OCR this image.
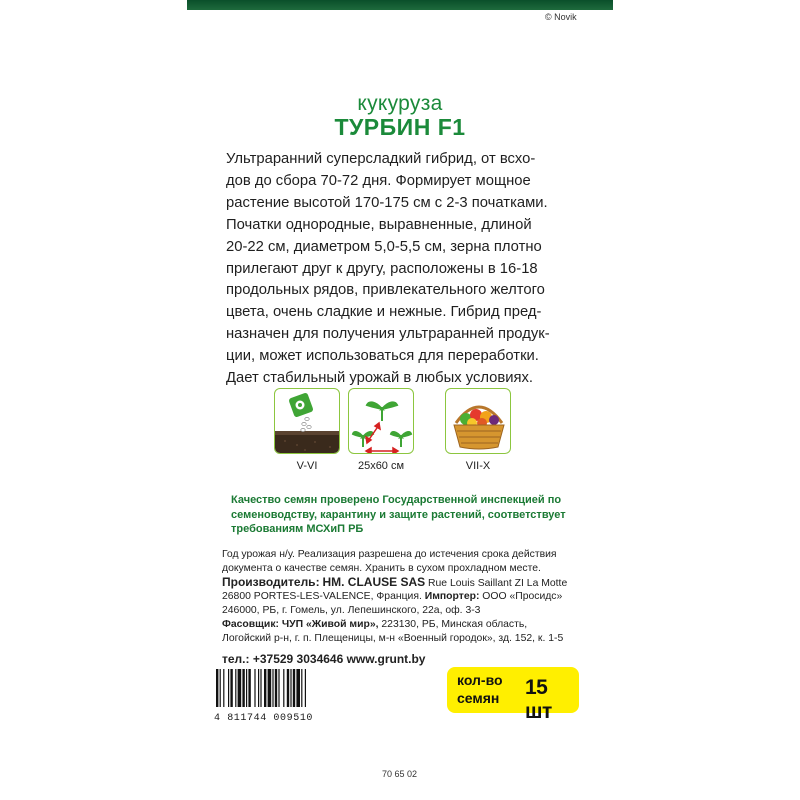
© Novik
кукуруза
ТУРБИН F1
Ультраранний суперсладкий гибрид, от всхо-
дов до сбора 70-72 дня. Формирует мощное
растение высотой 170-175 см с 2-3 початками.
Початки однородные, выравненные, длиной
20-22 см, диаметром 5,0-5,5 см, зерна плотно
прилегают друг к другу, расположены в 16-18
продольных рядов, привлекательного желтого
цвета, очень сладкие и нежные. Гибрид пред-
назначен для получения ультраранней продук-
ции, может использоваться для переработки.
Дает стабильный урожай в любых условиях.
V-VI	25х60 см	VII-X
Качество семян проверено Государственной инспекцией по
семеноводству, карантину и защите растений, соответствует
требованиям МСХиП РБ
Год урожая н/у. Реализация разрешена до истечения срока действия
документа о качестве семян. Хранить в сухом прохладном месте.
Производитель: HM. CLAUSE SAS Rue Louis Saillant ZI La Motte
26800 PORTES-LES-VALENCE, Франция. Импортер: ООО «Просидс»
246000, РБ, г. Гомель, ул. Лепешинского, 22а, оф. 3-3
Фасовщик: ЧУП «Живой мир», 223130, РБ, Минская область,
Логойский р-н, г. п. Плещеницы, м-н «Военный городок», зд. 152, к. 1-5
тел.: +37529 3034646 www.grunt.by
4 811744 009510
кол-во
семян 15 шт
70 65 02
